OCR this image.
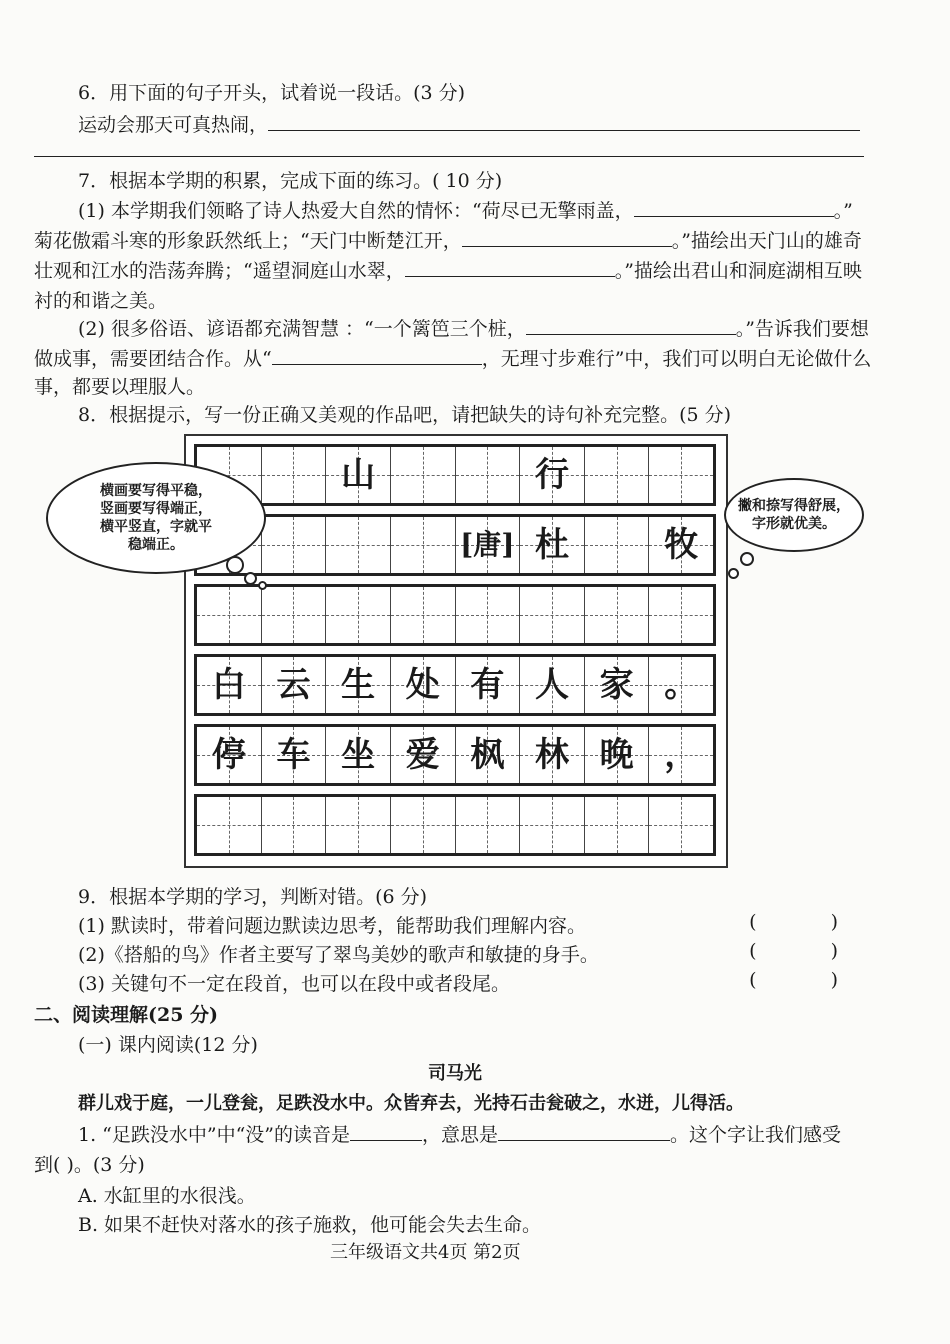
6．用下面的句子开头，试着说一段话。(3 分)
运动会那天可真热闹，
7．根据本学期的积累，完成下面的练习。( 10 分)
(1) 本学期我们领略了诗人热爱大自然的情怀：“荷尽已无擎雨盖，	。”
菊花傲霜斗寒的形象跃然纸上；“天门中断楚江开，	。”描绘出天门山的雄奇
壮观和江水的浩荡奔腾；“遥望洞庭山水翠，	。”描绘出君山和洞庭湖相互映
衬的和谐之美。
(2) 很多俗语、谚语都充满智慧 ：“一个篱笆三个桩，	。”告诉我们要想
做成事，需要团结合作。从“	，无理寸步难行”中，我们可以明白无论做什么
事，都要以理服人。
8．根据提示，写一份正确又美观的作品吧，请把缺失的诗句补充完整。(5 分)
山	行
[唐] 杜	牧
白 云 生 处 有 人 家 。
停 车 坐 爱 枫 林 晚 ，
横画要写得平稳，
竖画要写得端正，
横平竖直，字就平
稳端正。
撇和捺写得舒展，
字形就优美。
9．根据本学期的学习，判断对错。(6 分)
(1) 默读时，带着问题边默读边思考，能帮助我们理解内容。	( )
(2)《搭船的鸟》作者主要写了翠鸟美妙的歌声和敏捷的身手。	( )
(3) 关键句不一定在段首，也可以在段中或者段尾。	( )
二、阅读理解(25 分)
(一) 课内阅读(12 分)
司马光
群儿戏于庭，一儿登瓮，足跌没水中。众皆弃去，光持石击瓮破之，水迸，儿得活。
1. “足跌没水中”中“没”的读音是	，意思是	。这个字让我们感受
到( )。(3 分)
A. 水缸里的水很浅。
B. 如果不赶快对落水的孩子施救，他可能会失去生命。
三年级语文共4页 第2页
